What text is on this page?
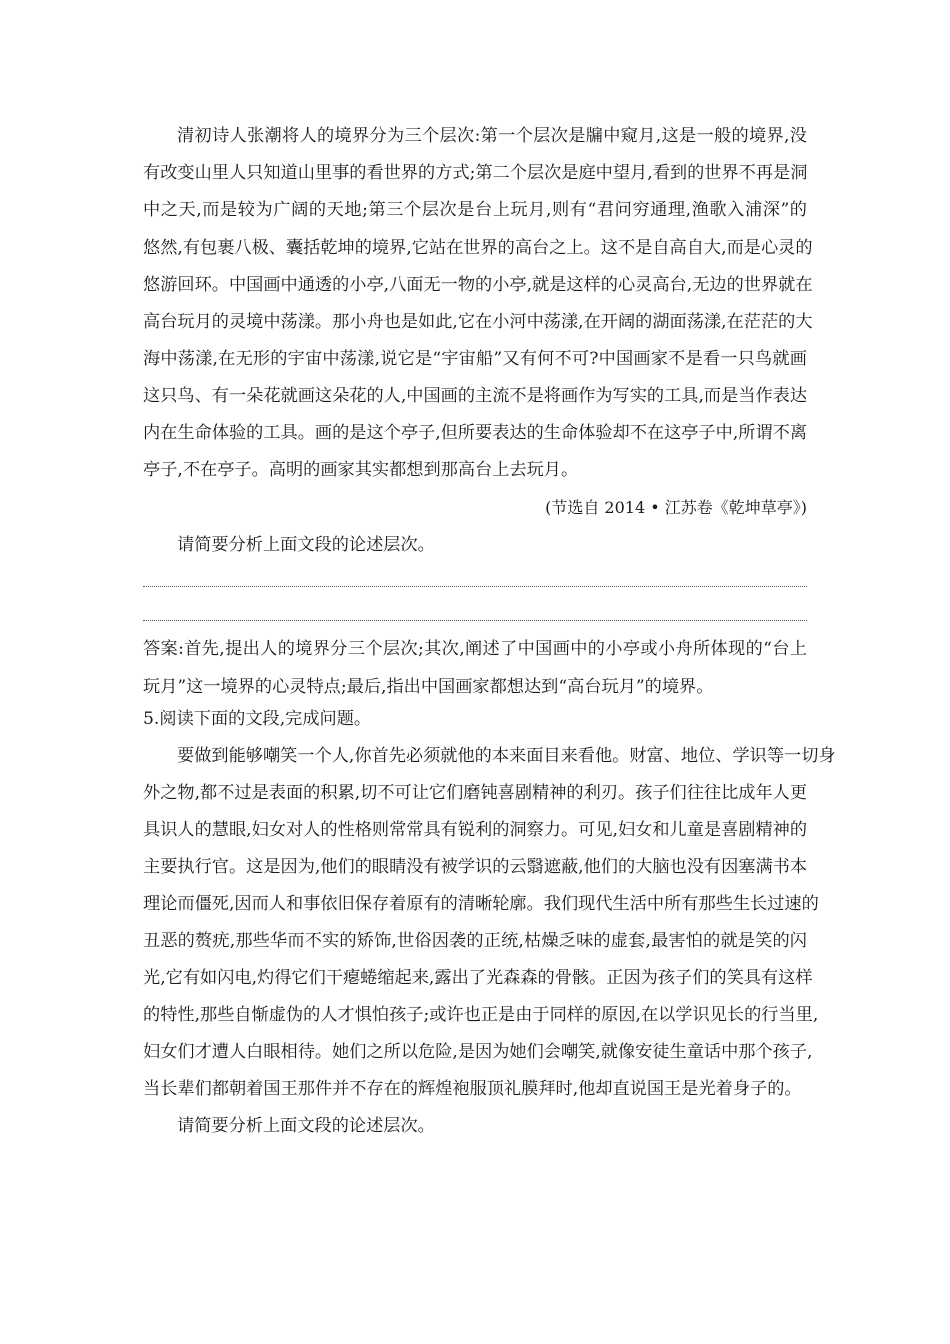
清初诗人张潮将人的境界分为三个层次:第一个层次是牖中窥月,这是一般的境界,没
有改变山里人只知道山里事的看世界的方式;第二个层次是庭中望月,看到的世界不再是洞
中之天,而是较为广阔的天地;第三个层次是台上玩月,则有“君问穷通理,渔歌入浦深”的
悠然,有包裹八极、囊括乾坤的境界,它站在世界的高台之上。这不是自高自大,而是心灵的
悠游回环。中国画中通透的小亭,八面无一物的小亭,就是这样的心灵高台,无边的世界就在
高台玩月的灵境中荡漾。那小舟也是如此,它在小河中荡漾,在开阔的湖面荡漾,在茫茫的大
海中荡漾,在无形的宇宙中荡漾,说它是“宇宙船”又有何不可?中国画家不是看一只鸟就画
这只鸟、有一朵花就画这朵花的人,中国画的主流不是将画作为写实的工具,而是当作表达
内在生命体验的工具。画的是这个亭子,但所要表达的生命体验却不在这亭子中,所谓不离
亭子,不在亭子。高明的画家其实都想到那高台上去玩月。
(节选自 2014 • 江苏卷《乾坤草亭》)
请简要分析上面文段的论述层次。
答案:首先,提出人的境界分三个层次;其次,阐述了中国画中的小亭或小舟所体现的“台上
玩月”这一境界的心灵特点;最后,指出中国画家都想达到“高台玩月”的境界。
5.阅读下面的文段,完成问题。
要做到能够嘲笑一个人,你首先必须就他的本来面目来看他。财富、地位、学识等一切身
外之物,都不过是表面的积累,切不可让它们磨钝喜剧精神的利刃。孩子们往往比成年人更
具识人的慧眼,妇女对人的性格则常常具有锐利的洞察力。可见,妇女和儿童是喜剧精神的
主要执行官。这是因为,他们的眼睛没有被学识的云翳遮蔽,他们的大脑也没有因塞满书本
理论而僵死,因而人和事依旧保存着原有的清晰轮廓。我们现代生活中所有那些生长过速的
丑恶的赘疣,那些华而不实的矫饰,世俗因袭的正统,枯燥乏味的虚套,最害怕的就是笑的闪
光,它有如闪电,灼得它们干瘪蜷缩起来,露出了光森森的骨骸。正因为孩子们的笑具有这样
的特性,那些自惭虚伪的人才惧怕孩子;或许也正是由于同样的原因,在以学识见长的行当里,
妇女们才遭人白眼相待。她们之所以危险,是因为她们会嘲笑,就像安徒生童话中那个孩子,
当长辈们都朝着国王那件并不存在的辉煌袍服顶礼膜拜时,他却直说国王是光着身子的。
请简要分析上面文段的论述层次。
